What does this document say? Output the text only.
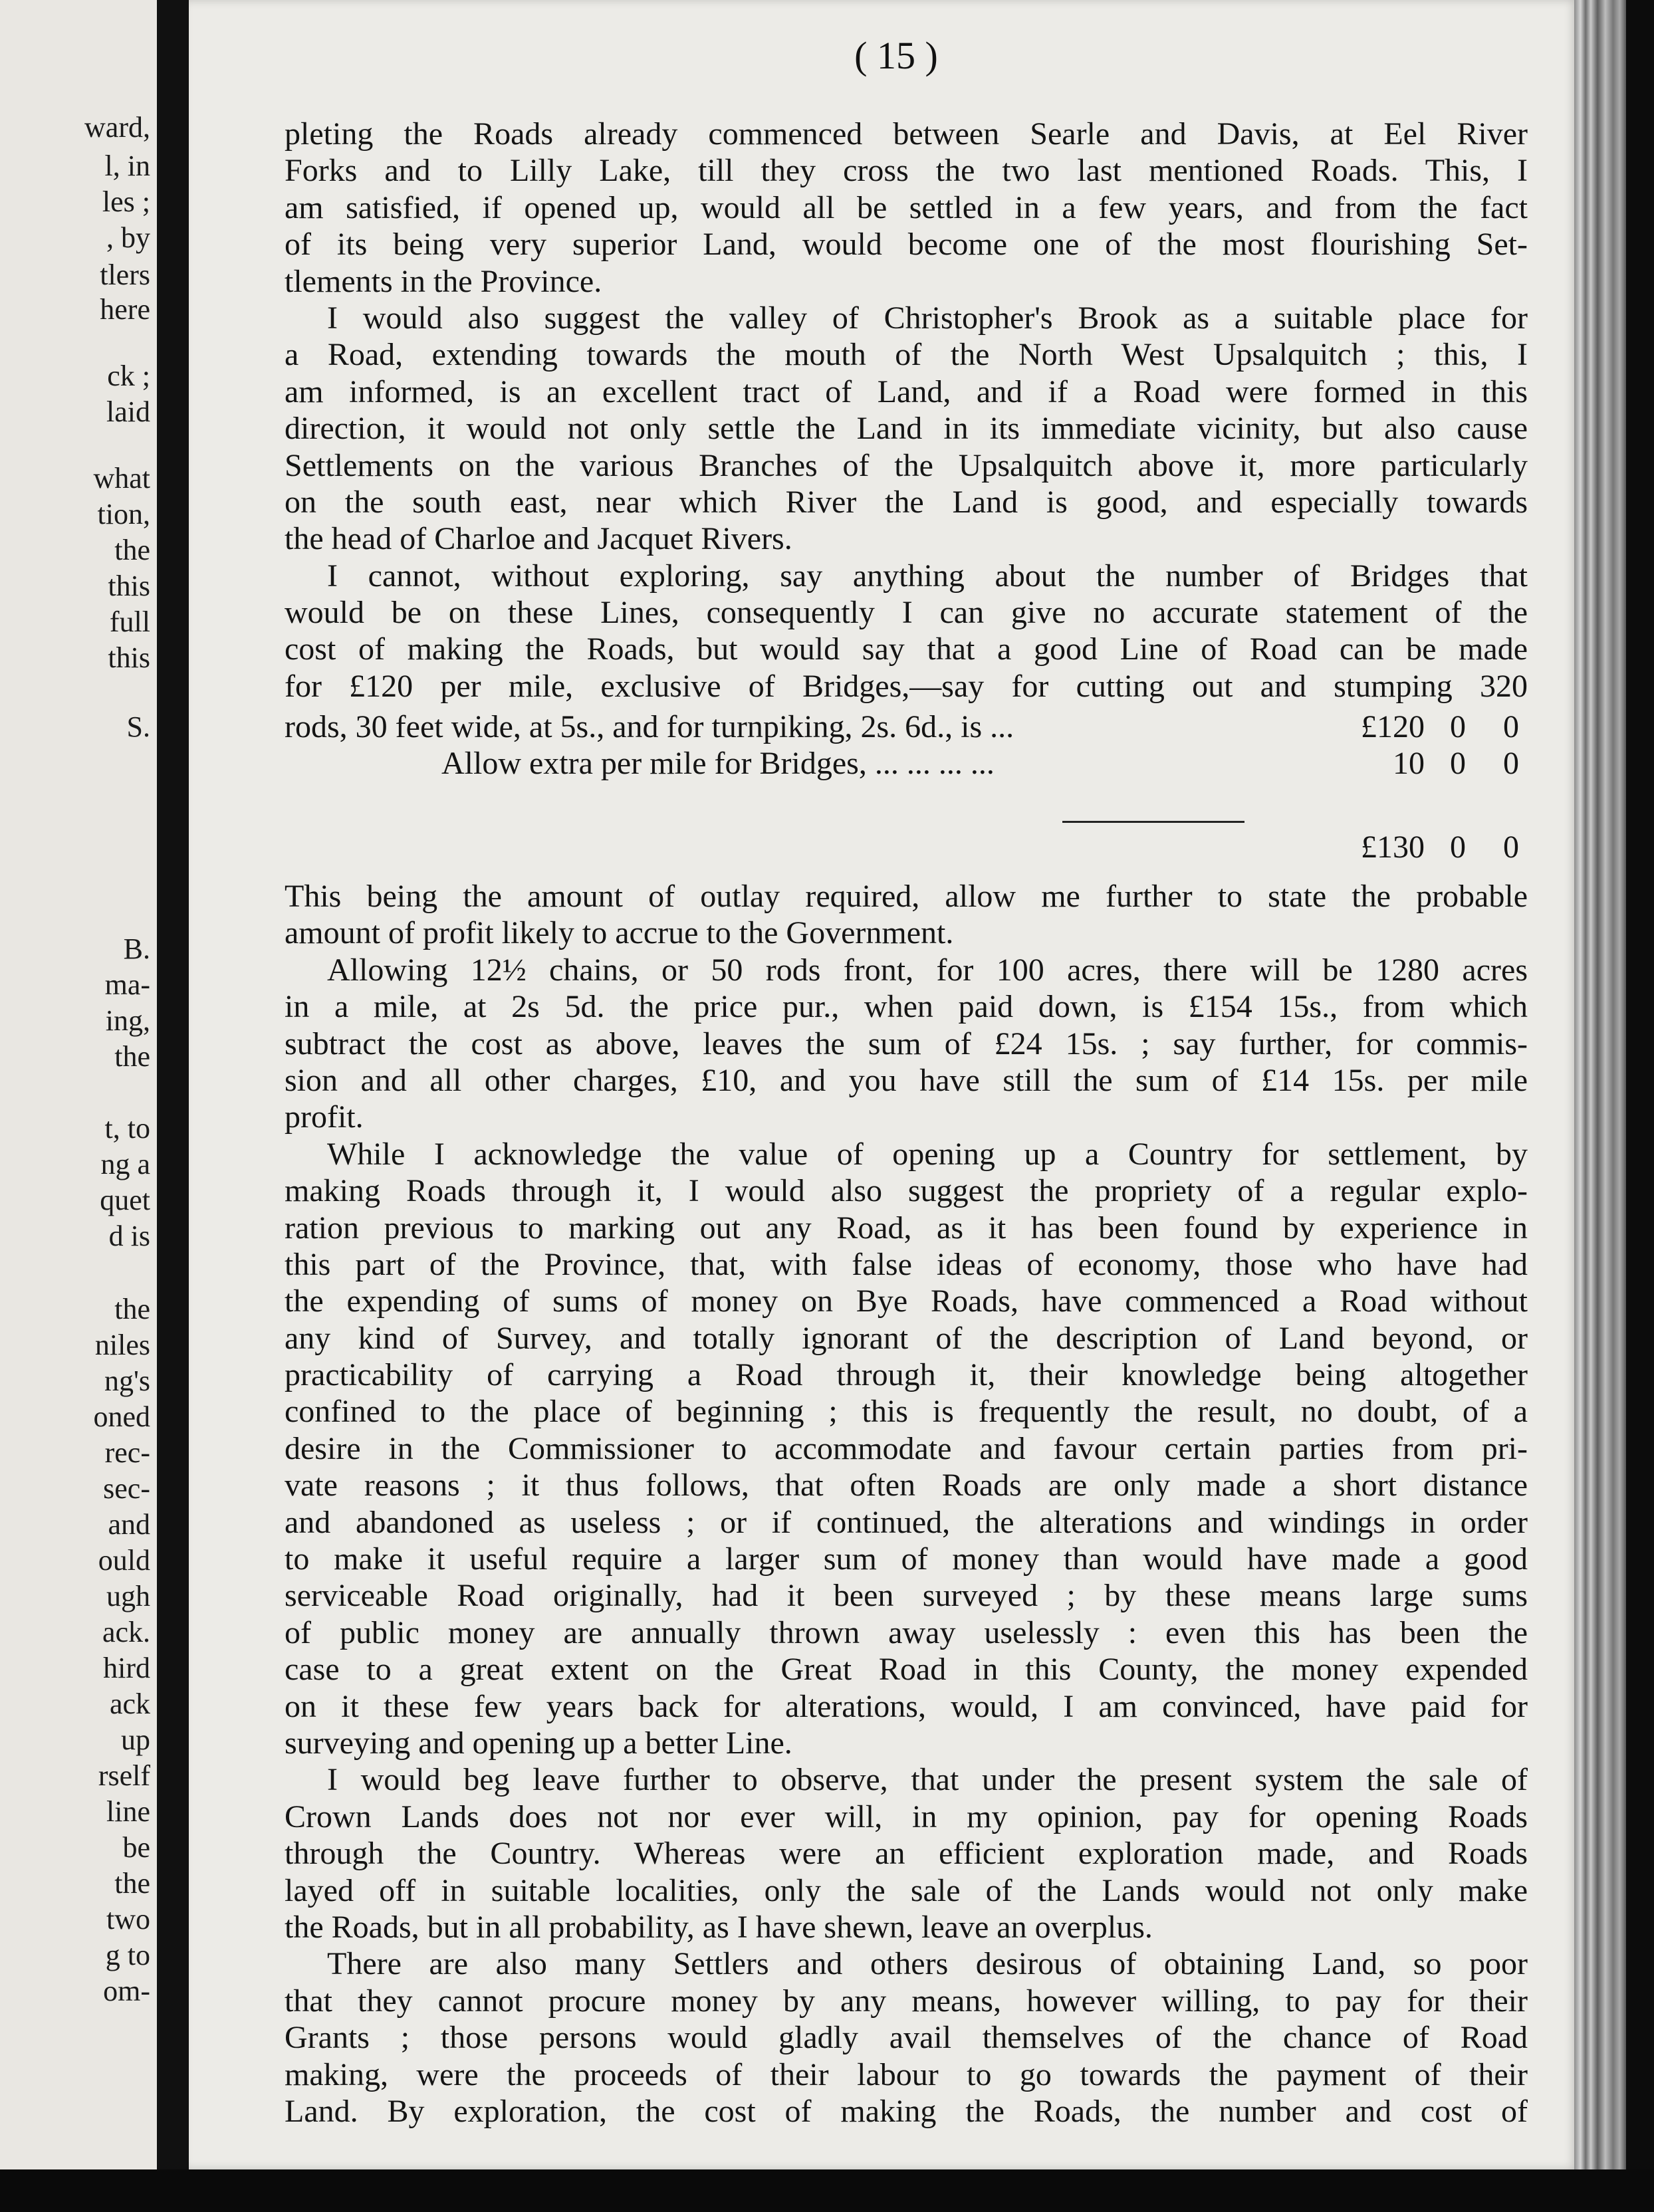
ward,
l, in
les ;
, by
tlers
here
ck ;
laid
what
tion,
the
this
full
this
S.
B.
ma-
ing,
the
t, to
ng a
quet
d is
the
niles
ng's
oned
rec-
sec-
and
ould
ugh
ack.
hird
ack
up
rself
line
be
the
two
g to
om-
( 15 )
pleting the Roads already commenced between Searle and Davis, at Eel River
Forks and to Lilly Lake, till they cross the two last mentioned Roads. This, I
am satisfied, if opened up, would all be settled in a few years, and from the fact
of its being very superior Land, would become one of the most flourishing Set-
tlements in the Province.
I would also suggest the valley of Christopher's Brook as a suitable place for
a Road, extending towards the mouth of the North West Upsalquitch ; this, I
am informed, is an excellent tract of Land, and if a Road were formed in this
direction, it would not only settle the Land in its immediate vicinity, but also cause
Settlements on the various Branches of the Upsalquitch above it, more particularly
on the south east, near which River the Land is good, and especially towards
the head of Charloe and Jacquet Rivers.
I cannot, without exploring, say anything about the number of Bridges that
would be on these Lines, consequently I can give no accurate statement of the
cost of making the Roads, but would say that a good Line of Road can be made
for £120 per mile, exclusive of Bridges,—say for cutting out and stumping 320
rods, 30 feet wide, at 5s., and for turnpiking, 2s. 6d., is ...	£120 0 0
Allow extra per mile for Bridges, ... ... ... ...	10 0 0
£130 0 0
This being the amount of outlay required, allow me further to state the probable
amount of profit likely to accrue to the Government.
Allowing 12½ chains, or 50 rods front, for 100 acres, there will be 1280 acres
in a mile, at 2s 5d. the price pur., when paid down, is £154 15s., from which
subtract the cost as above, leaves the sum of £24 15s. ; say further, for commis-
sion and all other charges, £10, and you have still the sum of £14 15s. per mile
profit.
While I acknowledge the value of opening up a Country for settlement, by
making Roads through it, I would also suggest the propriety of a regular explo-
ration previous to marking out any Road, as it has been found by experience in
this part of the Province, that, with false ideas of economy, those who have had
the expending of sums of money on Bye Roads, have commenced a Road without
any kind of Survey, and totally ignorant of the description of Land beyond, or
practicability of carrying a Road through it, their knowledge being altogether
confined to the place of beginning ; this is frequently the result, no doubt, of a
desire in the Commissioner to accommodate and favour certain parties from pri-
vate reasons ; it thus follows, that often Roads are only made a short distance
and abandoned as useless ; or if continued, the alterations and windings in order
to make it useful require a larger sum of money than would have made a good
serviceable Road originally, had it been surveyed ; by these means large sums
of public money are annually thrown away uselessly : even this has been the
case to a great extent on the Great Road in this County, the money expended
on it these few years back for alterations, would, I am convinced, have paid for
surveying and opening up a better Line.
I would beg leave further to observe, that under the present system the sale of
Crown Lands does not nor ever will, in my opinion, pay for opening Roads
through the Country. Whereas were an efficient exploration made, and Roads
layed off in suitable localities, only the sale of the Lands would not only make
the Roads, but in all probability, as I have shewn, leave an overplus.
There are also many Settlers and others desirous of obtaining Land, so poor
that they cannot procure money by any means, however willing, to pay for their
Grants ; those persons would gladly avail themselves of the chance of Road
making, were the proceeds of their labour to go towards the payment of their
Land. By exploration, the cost of making the Roads, the number and cost of
